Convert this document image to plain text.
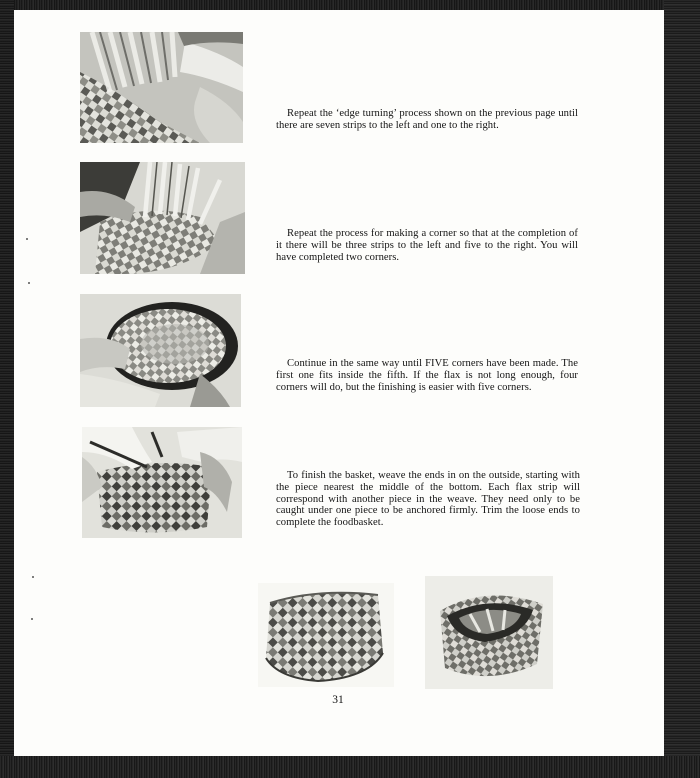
Repeat the ‘edge turning’ process shown on the previous page until there are seven strips to the left and one to the right.

Repeat the process for making a corner so that at the completion of it there will be three strips to the left and five to the right. You will have completed two corners.

Continue in the same way until FIVE corners have been made. The first one fits inside the fifth. If the flax is not long enough, four corners will do, but the finishing is easier with five corners.

To finish the basket, weave the ends in on the outside, starting with the piece nearest the middle of the bottom. Each flax strip will correspond with another piece in the weave. They need only to be caught under one piece to be anchored firmly. Trim the loose ends to complete the foodbasket.

31
